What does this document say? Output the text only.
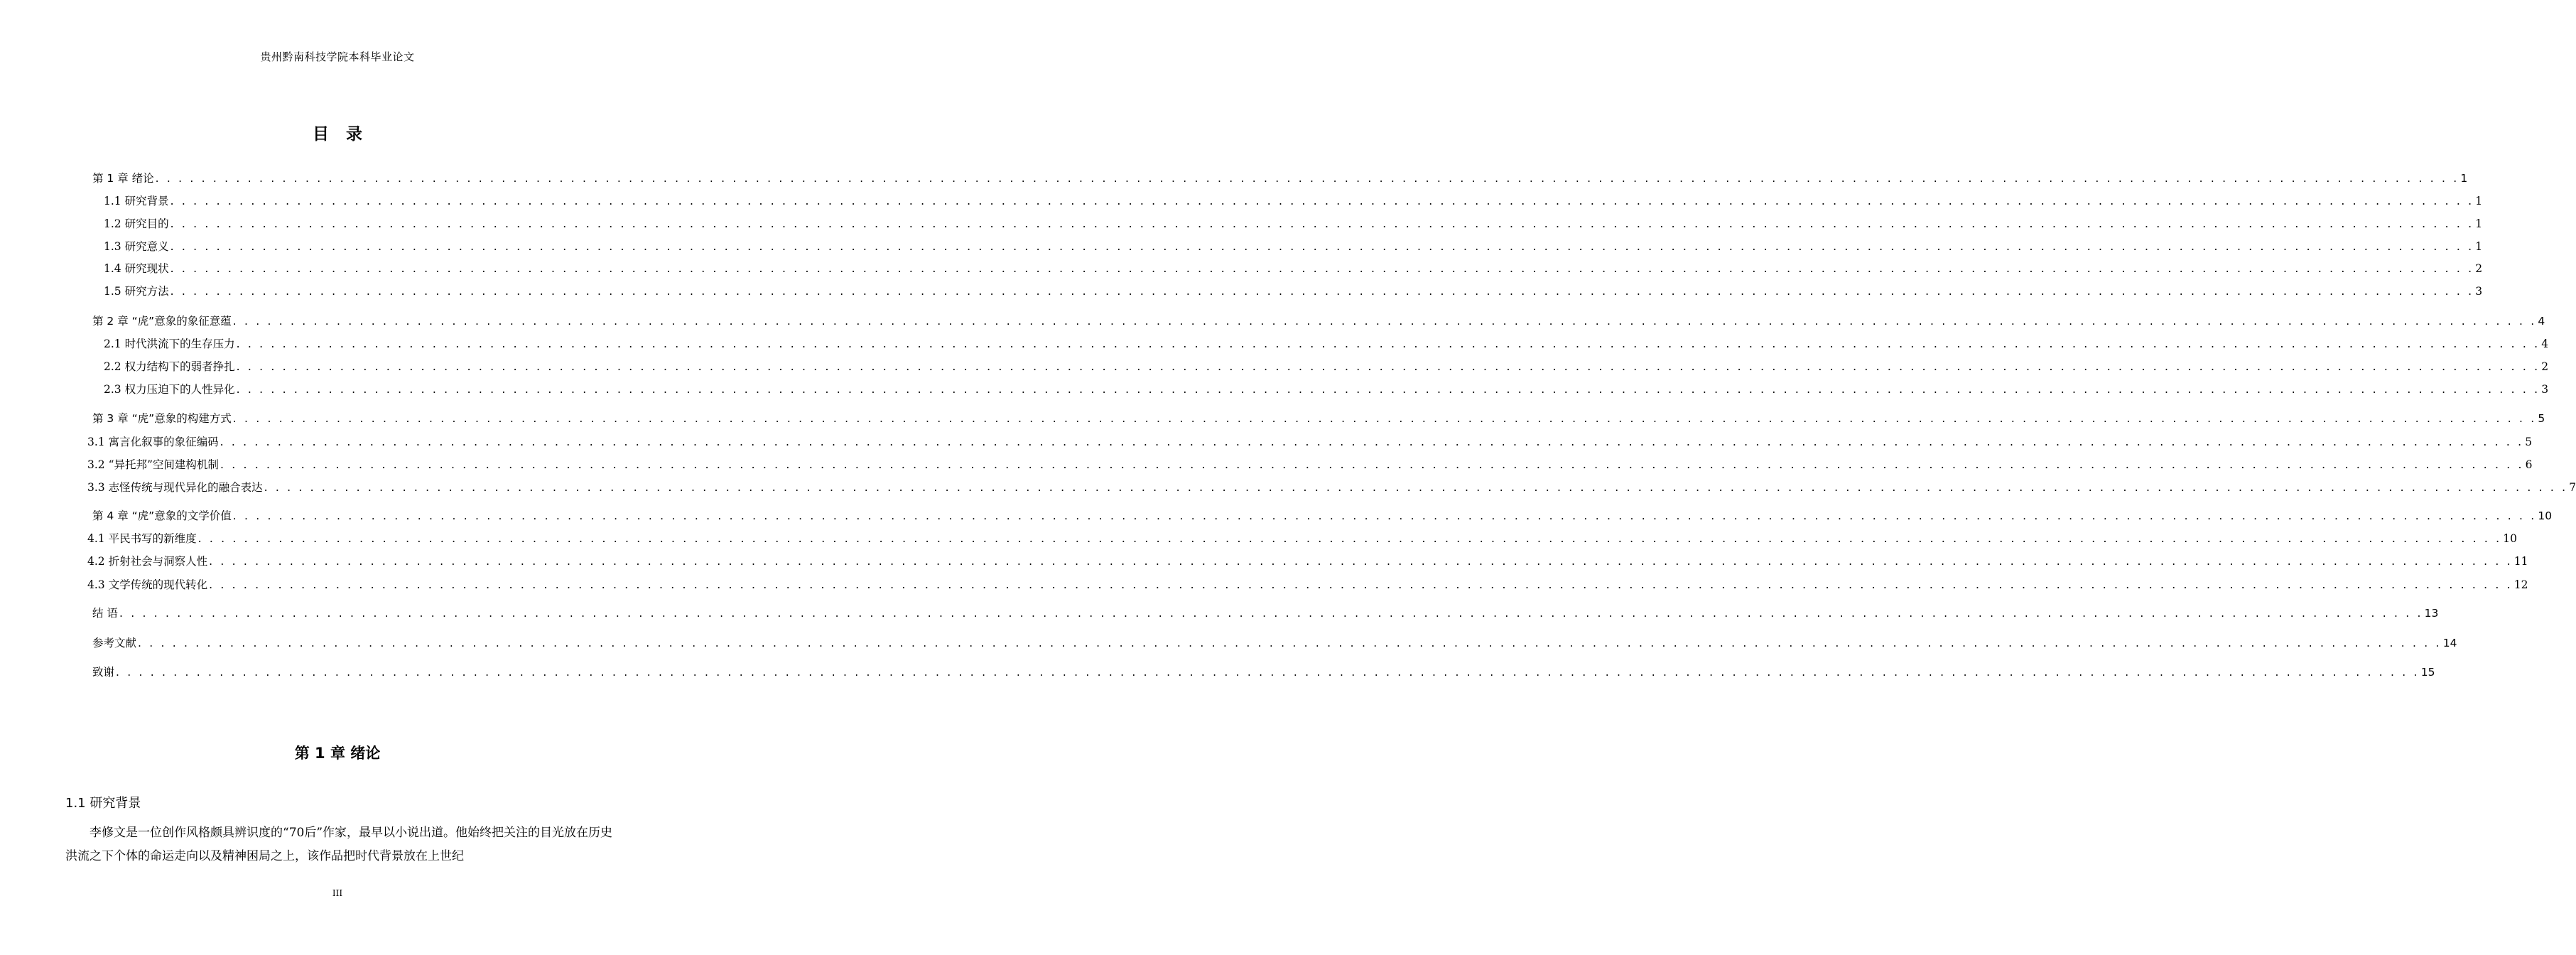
贵州黔南科技学院本科毕业论文
目 录
第 1 章 绪论 . . . . . . . . . . . . . . . . . . . . . . . . . . . . . . . . . . . . . . . . . . . . . . . . . . . . . . . . . . . . . . . . . . . . . . . . . . . . . . . . . . . . . . . . . . . . . . . . . . . . . . . . . . . . . . . . . . . . . . . . . . . . . . . . . . . . . . . . . . . . . . . . . . . . . . . . . . . . . . . . . . . . . . . . . . . . . . . . . . . . . . . . . . . . . . . . . . . . . . . . 1
1.1 研究背景 . . . . . . . . . . . . . . . . . . . . . . . . . . . . . . . . . . . . . . . . . . . . . . . . . . . . . . . . . . . . . . . . . . . . . . . . . . . . . . . . . . . . . . . . . . . . . . . . . . . . . . . . . . . . . . . . . . . . . . . . . . . . . . . . . . . . . . . . . . . . . . . . . . . . . . . . . . . . . . . . . . . . . . . . . . . . . . . . . . . . . . . . . . . . . . . . . . . . . . . . 1
1.2 研究目的 . . . . . . . . . . . . . . . . . . . . . . . . . . . . . . . . . . . . . . . . . . . . . . . . . . . . . . . . . . . . . . . . . . . . . . . . . . . . . . . . . . . . . . . . . . . . . . . . . . . . . . . . . . . . . . . . . . . . . . . . . . . . . . . . . . . . . . . . . . . . . . . . . . . . . . . . . . . . . . . . . . . . . . . . . . . . . . . . . . . . . . . . . . . . . . . . . . . . . . . . 1
1.3 研究意义 . . . . . . . . . . . . . . . . . . . . . . . . . . . . . . . . . . . . . . . . . . . . . . . . . . . . . . . . . . . . . . . . . . . . . . . . . . . . . . . . . . . . . . . . . . . . . . . . . . . . . . . . . . . . . . . . . . . . . . . . . . . . . . . . . . . . . . . . . . . . . . . . . . . . . . . . . . . . . . . . . . . . . . . . . . . . . . . . . . . . . . . . . . . . . . . . . . . . . . . . 1
1.4 研究现状 . . . . . . . . . . . . . . . . . . . . . . . . . . . . . . . . . . . . . . . . . . . . . . . . . . . . . . . . . . . . . . . . . . . . . . . . . . . . . . . . . . . . . . . . . . . . . . . . . . . . . . . . . . . . . . . . . . . . . . . . . . . . . . . . . . . . . . . . . . . . . . . . . . . . . . . . . . . . . . . . . . . . . . . . . . . . . . . . . . . . . . . . . . . . . . . . . . . . . . . . 2
1.5 研究方法 . . . . . . . . . . . . . . . . . . . . . . . . . . . . . . . . . . . . . . . . . . . . . . . . . . . . . . . . . . . . . . . . . . . . . . . . . . . . . . . . . . . . . . . . . . . . . . . . . . . . . . . . . . . . . . . . . . . . . . . . . . . . . . . . . . . . . . . . . . . . . . . . . . . . . . . . . . . . . . . . . . . . . . . . . . . . . . . . . . . . . . . . . . . . . . . . . . . . . . . . 3
第 2 章 “虎”意象的象征意蕴 . . . . . . . . . . . . . . . . . . . . . . . . . . . . . . . . . . . . . . . . . . . . . . . . . . . . . . . . . . . . . . . . . . . . . . . . . . . . . . . . . . . . . . . . . . . . . . . . . . . . . . . . . . . . . . . . . . . . . . . . . . . . . . . . . . . . . . . . . . . . . . . . . . . . . . . . . . . . . . . . . . . . . . . . . . . . . . . . . . . . . . . . . . . . . . . . . . . . . . . . 4
2.1 时代洪流下的生存压力 . . . . . . . . . . . . . . . . . . . . . . . . . . . . . . . . . . . . . . . . . . . . . . . . . . . . . . . . . . . . . . . . . . . . . . . . . . . . . . . . . . . . . . . . . . . . . . . . . . . . . . . . . . . . . . . . . . . . . . . . . . . . . . . . . . . . . . . . . . . . . . . . . . . . . . . . . . . . . . . . . . . . . . . . . . . . . . . . . . . . . . . . . . . . . . . . . . . . . . . . 4
2.2 权力结构下的弱者挣扎 . . . . . . . . . . . . . . . . . . . . . . . . . . . . . . . . . . . . . . . . . . . . . . . . . . . . . . . . . . . . . . . . . . . . . . . . . . . . . . . . . . . . . . . . . . . . . . . . . . . . . . . . . . . . . . . . . . . . . . . . . . . . . . . . . . . . . . . . . . . . . . . . . . . . . . . . . . . . . . . . . . . . . . . . . . . . . . . . . . . . . . . . . . . . . . . . . . . . . . . . 2
2.3 权力压迫下的人性异化 . . . . . . . . . . . . . . . . . . . . . . . . . . . . . . . . . . . . . . . . . . . . . . . . . . . . . . . . . . . . . . . . . . . . . . . . . . . . . . . . . . . . . . . . . . . . . . . . . . . . . . . . . . . . . . . . . . . . . . . . . . . . . . . . . . . . . . . . . . . . . . . . . . . . . . . . . . . . . . . . . . . . . . . . . . . . . . . . . . . . . . . . . . . . . . . . . . . . . . . . 3
第 3 章 “虎”意象的构建方式 . . . . . . . . . . . . . . . . . . . . . . . . . . . . . . . . . . . . . . . . . . . . . . . . . . . . . . . . . . . . . . . . . . . . . . . . . . . . . . . . . . . . . . . . . . . . . . . . . . . . . . . . . . . . . . . . . . . . . . . . . . . . . . . . . . . . . . . . . . . . . . . . . . . . . . . . . . . . . . . . . . . . . . . . . . . . . . . . . . . . . . . . . . . . . . . . . . . . . . . . 5
3.1 寓言化叙事的象征编码 . . . . . . . . . . . . . . . . . . . . . . . . . . . . . . . . . . . . . . . . . . . . . . . . . . . . . . . . . . . . . . . . . . . . . . . . . . . . . . . . . . . . . . . . . . . . . . . . . . . . . . . . . . . . . . . . . . . . . . . . . . . . . . . . . . . . . . . . . . . . . . . . . . . . . . . . . . . . . . . . . . . . . . . . . . . . . . . . . . . . . . . . . . . . . . . . . . . . . . . . 5
3.2 “异托邦”空间建构机制 . . . . . . . . . . . . . . . . . . . . . . . . . . . . . . . . . . . . . . . . . . . . . . . . . . . . . . . . . . . . . . . . . . . . . . . . . . . . . . . . . . . . . . . . . . . . . . . . . . . . . . . . . . . . . . . . . . . . . . . . . . . . . . . . . . . . . . . . . . . . . . . . . . . . . . . . . . . . . . . . . . . . . . . . . . . . . . . . . . . . . . . . . . . . . . . . . . . . . . . . 6
3.3 志怪传统与现代异化的融合表达 . . . . . . . . . . . . . . . . . . . . . . . . . . . . . . . . . . . . . . . . . . . . . . . . . . . . . . . . . . . . . . . . . . . . . . . . . . . . . . . . . . . . . . . . . . . . . . . . . . . . . . . . . . . . . . . . . . . . . . . . . . . . . . . . . . . . . . . . . . . . . . . . . . . . . . . . . . . . . . . . . . . . . . . . . . . . . . . . . . . . . . . . . . . . . . . . . . . . . . . . 7
第 4 章 “虎”意象的文学价值 . . . . . . . . . . . . . . . . . . . . . . . . . . . . . . . . . . . . . . . . . . . . . . . . . . . . . . . . . . . . . . . . . . . . . . . . . . . . . . . . . . . . . . . . . . . . . . . . . . . . . . . . . . . . . . . . . . . . . . . . . . . . . . . . . . . . . . . . . . . . . . . . . . . . . . . . . . . . . . . . . . . . . . . . . . . . . . . . . . . . . . . . . . . . . . . . . . . . . . . . 10
4.1 平民书写的新维度 . . . . . . . . . . . . . . . . . . . . . . . . . . . . . . . . . . . . . . . . . . . . . . . . . . . . . . . . . . . . . . . . . . . . . . . . . . . . . . . . . . . . . . . . . . . . . . . . . . . . . . . . . . . . . . . . . . . . . . . . . . . . . . . . . . . . . . . . . . . . . . . . . . . . . . . . . . . . . . . . . . . . . . . . . . . . . . . . . . . . . . . . . . . . . . . . . . . . . . . . 10
4.2 折射社会与洞察人性 . . . . . . . . . . . . . . . . . . . . . . . . . . . . . . . . . . . . . . . . . . . . . . . . . . . . . . . . . . . . . . . . . . . . . . . . . . . . . . . . . . . . . . . . . . . . . . . . . . . . . . . . . . . . . . . . . . . . . . . . . . . . . . . . . . . . . . . . . . . . . . . . . . . . . . . . . . . . . . . . . . . . . . . . . . . . . . . . . . . . . . . . . . . . . . . . . . . . . . . . 11
4.3 文学传统的现代转化 . . . . . . . . . . . . . . . . . . . . . . . . . . . . . . . . . . . . . . . . . . . . . . . . . . . . . . . . . . . . . . . . . . . . . . . . . . . . . . . . . . . . . . . . . . . . . . . . . . . . . . . . . . . . . . . . . . . . . . . . . . . . . . . . . . . . . . . . . . . . . . . . . . . . . . . . . . . . . . . . . . . . . . . . . . . . . . . . . . . . . . . . . . . . . . . . . . . . . . . . 12
结 语 . . . . . . . . . . . . . . . . . . . . . . . . . . . . . . . . . . . . . . . . . . . . . . . . . . . . . . . . . . . . . . . . . . . . . . . . . . . . . . . . . . . . . . . . . . . . . . . . . . . . . . . . . . . . . . . . . . . . . . . . . . . . . . . . . . . . . . . . . . . . . . . . . . . . . . . . . . . . . . . . . . . . . . . . . . . . . . . . . . . . . . . . . . . . . . . . . . . . . . . . 13
参考文献 . . . . . . . . . . . . . . . . . . . . . . . . . . . . . . . . . . . . . . . . . . . . . . . . . . . . . . . . . . . . . . . . . . . . . . . . . . . . . . . . . . . . . . . . . . . . . . . . . . . . . . . . . . . . . . . . . . . . . . . . . . . . . . . . . . . . . . . . . . . . . . . . . . . . . . . . . . . . . . . . . . . . . . . . . . . . . . . . . . . . . . . . . . . . . . . . . . . . . . . . 14
致谢 . . . . . . . . . . . . . . . . . . . . . . . . . . . . . . . . . . . . . . . . . . . . . . . . . . . . . . . . . . . . . . . . . . . . . . . . . . . . . . . . . . . . . . . . . . . . . . . . . . . . . . . . . . . . . . . . . . . . . . . . . . . . . . . . . . . . . . . . . . . . . . . . . . . . . . . . . . . . . . . . . . . . . . . . . . . . . . . . . . . . . . . . . . . . . . . . . . . . . . . . 15
第 1 章 绪论
1.1 研究背景
李修文是一位创作风格颇具辨识度的“70后”作家，最早以小说出道。他始终把关注的目光放在历史洪流之下个体的命运走向以及精神困局之上，该作品把时代背景放在上世纪
III
